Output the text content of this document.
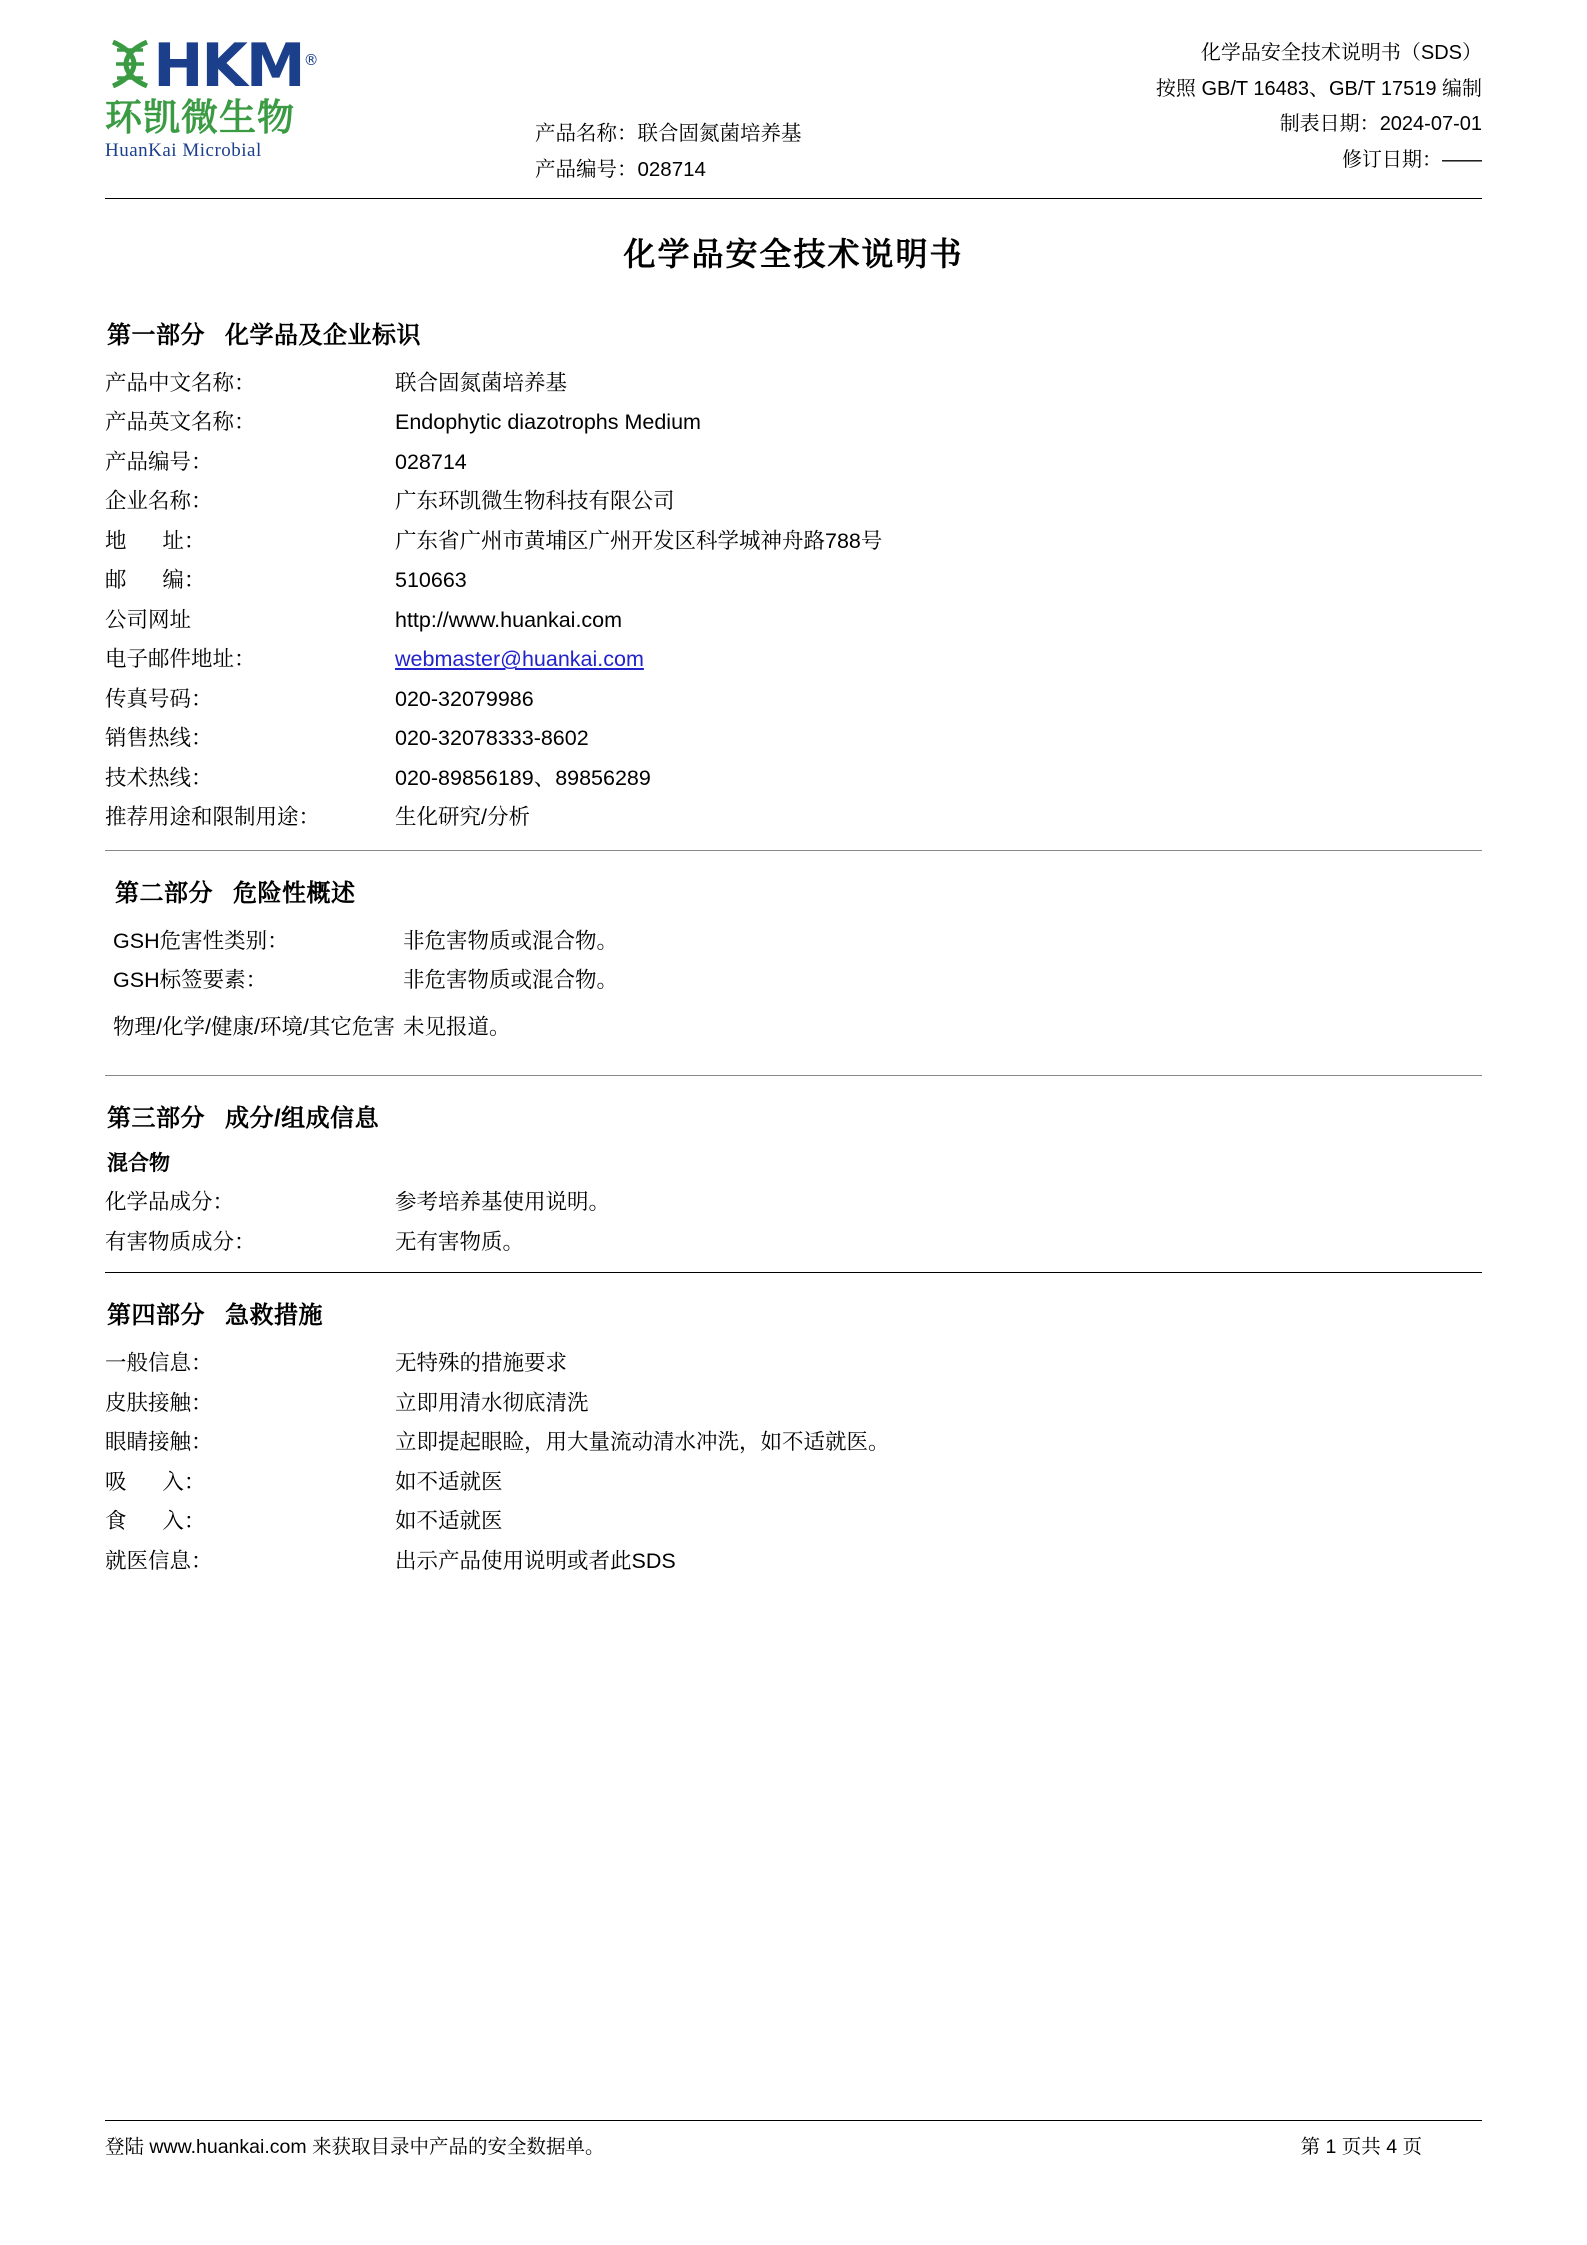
HKM®
环凯微生物
HuanKai Microbial
产品名称：联合固氮菌培养基
产品编号：028714
化学品安全技术说明书（SDS）
按照 GB/T 16483、GB/T 17519 编制
制表日期：2024-07-01
修订日期：——
化学品安全技术说明书
第一部分 化学品及企业标识
产品中文名称：	联合固氮菌培养基
产品英文名称：	Endophytic diazotrophs Medium
产品编号：	028714
企业名称：	广东环凯微生物科技有限公司
地      址：	广东省广州市黄埔区广州开发区科学城神舟路788号
邮      编：	510663
公司网址	http://www.huankai.com
电子邮件地址：	webmaster@huankai.com
传真号码：	020-32079986
销售热线：	020-32078333-8602
技术热线：	020-89856189、89856289
推荐用途和限制用途：	生化研究/分析
第二部分 危险性概述
GSH危害性类别：	非危害物质或混合物。
GSH标签要素：	非危害物质或混合物。
物理/化学/健康/环境/其它危害 未见报道。
第三部分 成分/组成信息
混合物
化学品成分：	参考培养基使用说明。
有害物质成分：	无有害物质。
第四部分 急救措施
一般信息：	无特殊的措施要求
皮肤接触：	立即用清水彻底清洗
眼睛接触：	立即提起眼睑，用大量流动清水冲洗，如不适就医。
吸      入：	如不适就医
食      入：	如不适就医
就医信息：	出示产品使用说明或者此SDS
登陆 www.huankai.com 来获取目录中产品的安全数据单。	第 1 页共 4 页
